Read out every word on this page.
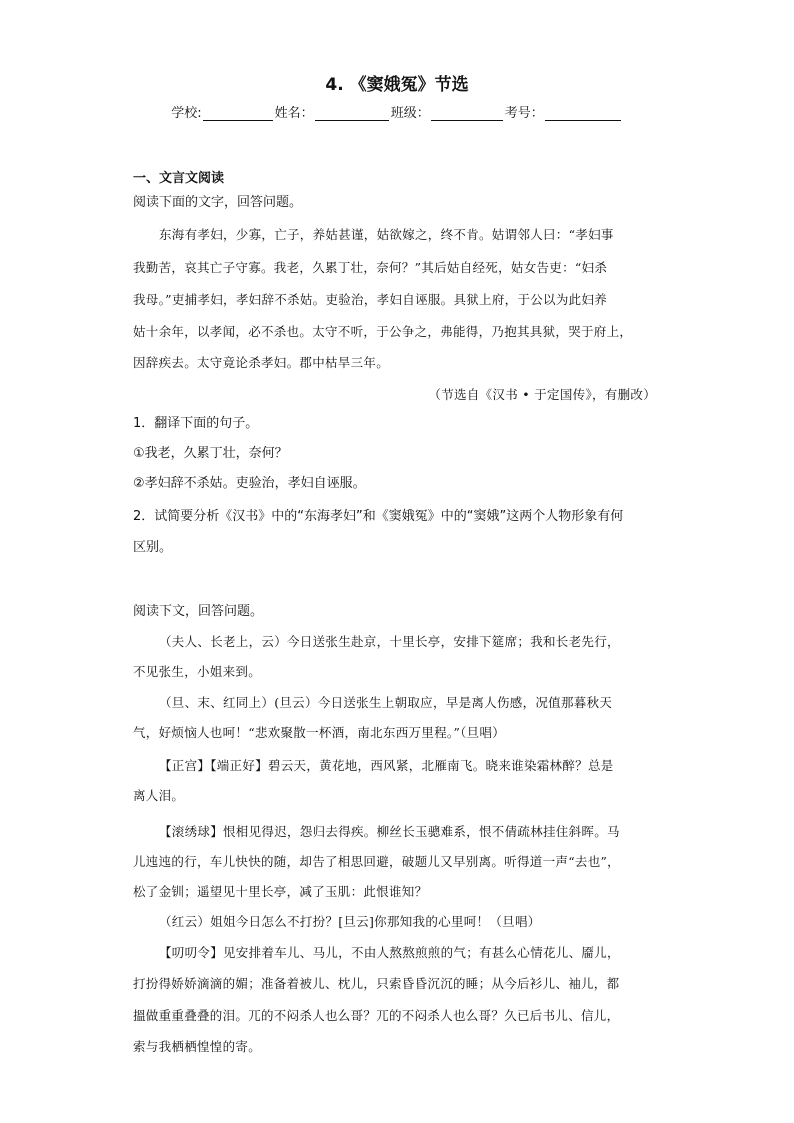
4. 《窦娥冤》节选
学校:	姓名：	班级：	考号：
一、文言文阅读
阅读下面的文字，回答问题。
东海有孝妇，少寡，亡子，养姑甚谨，姑欲嫁之，终不肯。姑谓邻人曰：“孝妇事
我勤苦，哀其亡子守寡。我老，久累丁壮，奈何？”其后姑自经死，姑女告吏：“妇杀
我母。”吏捕孝妇，孝妇辞不杀姑。吏验治，孝妇自诬服。具狱上府，于公以为此妇养
姑十余年，以孝闻，必不杀也。太守不听，于公争之，弗能得，乃抱其具狱，哭于府上，
因辞疾去。太守竟论杀孝妇。郡中枯旱三年。
（节选自《汉书 • 于定国传》，有删改）
1．翻译下面的句子。
①我老，久累丁壮，奈何？
②孝妇辞不杀姑。吏验治，孝妇自诬服。
2．试简要分析《汉书》中的“东海孝妇”和《窦娥冤》中的“窦娥”这两个人物形象有何
区别。
阅读下文，回答问题。
（夫人、长老上，云）今日送张生赴京，十里长亭，安排下筵席；我和长老先行，
不见张生，小姐来到。
（旦、末、红同上）(旦云）今日送张生上朝取应，早是离人伤感，况值那暮秋天
气，好烦恼人也呵！“悲欢聚散一杯酒，南北东西万里程。”（旦唱）
【正宫】【端正好】碧云天，黄花地，西风紧，北雁南飞。晓来谁染霜林醉？总是
离人泪。
【滚绣球】恨相见得迟，怨归去得疾。柳丝长玉骢难系，恨不倩疏林挂住斜晖。马
儿迍迍的行，车儿快快的随，却告了相思回避，破题儿又早别离。听得道一声“去也”，
松了金钏；遥望见十里长亭，减了玉肌：此恨谁知？
（红云）姐姐今日怎么不打扮？[旦云]你那知我的心里呵！（旦唱）
【叨叨令】见安排着车儿、马儿，不由人熬熬煎煎的气；有甚么心情花儿、靥儿，
打扮得娇娇滴滴的媚；准备着被儿、枕儿，只索昏昏沉沉的睡；从今后衫儿、袖儿，都
搵做重重叠叠的泪。兀的不闷杀人也么哥？兀的不闷杀人也么哥？久已后书儿、信儿，
索与我栖栖惶惶的寄。
